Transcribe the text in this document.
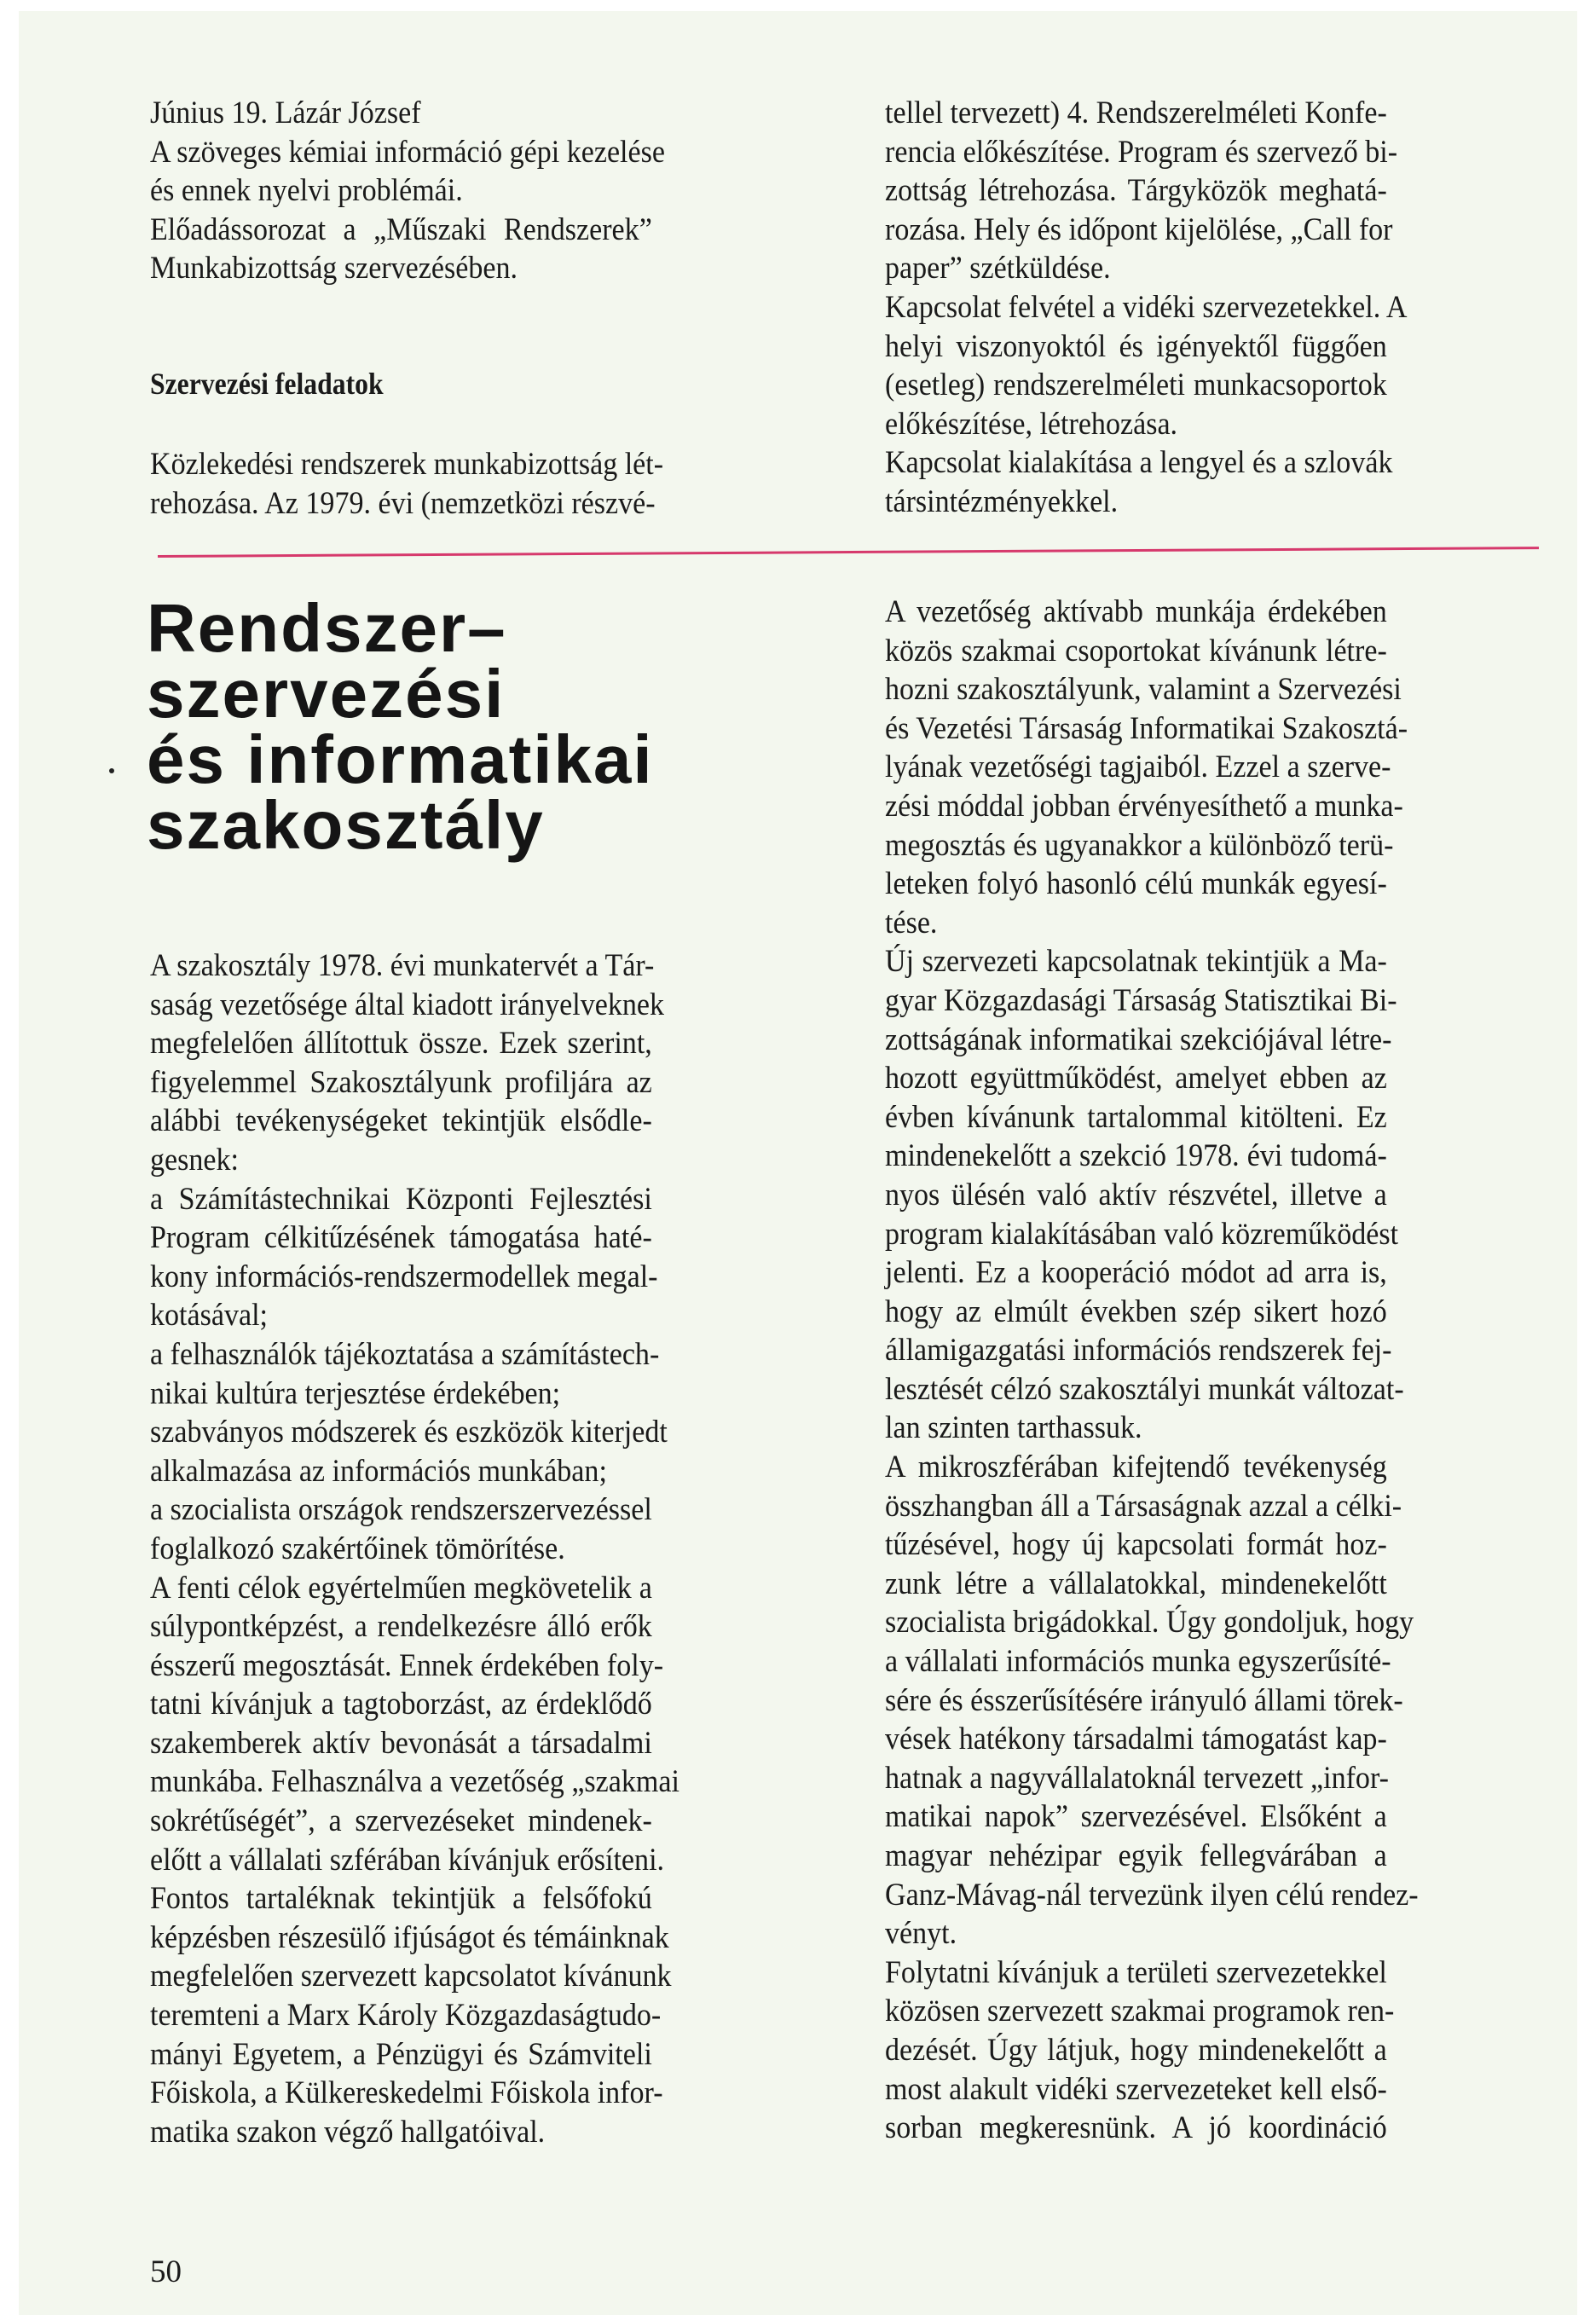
Június 19. Lázár József
A szöveges kémiai információ gépi kezelése
és ennek nyelvi problémái.
Előadássorozat a „Műszaki Rendszerek”
Munkabizottság szervezésében.
Szervezési feladatok
Közlekedési rendszerek munkabizottság lét-
rehozása. Az 1979. évi (nemzetközi részvé-
tellel tervezett) 4. Rendszerelméleti Konfe-
rencia előkészítése. Program és szervező bi-
zottság létrehozása. Tárgyközök meghatá-
rozása. Hely és időpont kijelölése, „Call for
paper” szétküldése.
Kapcsolat felvétel a vidéki szervezetekkel. A
helyi viszonyoktól és igényektől függően
(esetleg) rendszerelméleti munkacsoportok
előkészítése, létrehozása.
Kapcsolat kialakítása a lengyel és a szlovák
társintézményekkel.
Rendszer–
szervezési
és informatikai
szakosztály
A szakosztály 1978. évi munkatervét a Tár-
saság vezetősége által kiadott irányelveknek
megfelelően állítottuk össze. Ezek szerint,
figyelemmel Szakosztályunk profiljára az
alábbi tevékenységeket tekintjük elsődle-
gesnek:
a Számítástechnikai Központi Fejlesztési
Program célkitűzésének támogatása haté-
kony információs-rendszermodellek megal-
kotásával;
a felhasználók tájékoztatása a számítástech-
nikai kultúra terjesztése érdekében;
szabványos módszerek és eszközök kiterjedt
alkalmazása az információs munkában;
a szocialista országok rendszerszervezéssel
foglalkozó szakértőinek tömörítése.
A fenti célok egyértelműen megkövetelik a
súlypontképzést, a rendelkezésre álló erők
ésszerű megosztását. Ennek érdekében foly-
tatni kívánjuk a tagtoborzást, az érdeklődő
szakemberek aktív bevonását a társadalmi
munkába. Felhasználva a vezetőség „szakmai
sokrétűségét”, a szervezéseket mindenek-
előtt a vállalati szférában kívánjuk erősíteni.
Fontos tartaléknak tekintjük a felsőfokú
képzésben részesülő ifjúságot és témáinknak
megfelelően szervezett kapcsolatot kívánunk
teremteni a Marx Károly Közgazdaságtudo-
mányi Egyetem, a Pénzügyi és Számviteli
Főiskola, a Külkereskedelmi Főiskola infor-
matika szakon végző hallgatóival.
A vezetőség aktívabb munkája érdekében
közös szakmai csoportokat kívánunk létre-
hozni szakosztályunk, valamint a Szervezési
és Vezetési Társaság Informatikai Szakosztá-
lyának vezetőségi tagjaiból. Ezzel a szerve-
zési móddal jobban érvényesíthető a munka-
megosztás és ugyanakkor a különböző terü-
leteken folyó hasonló célú munkák egyesí-
tése.
Új szervezeti kapcsolatnak tekintjük a Ma-
gyar Közgazdasági Társaság Statisztikai Bi-
zottságának informatikai szekciójával létre-
hozott együttműködést, amelyet ebben az
évben kívánunk tartalommal kitölteni. Ez
mindenekelőtt a szekció 1978. évi tudomá-
nyos ülésén való aktív részvétel, illetve a
program kialakításában való közreműködést
jelenti. Ez a kooperáció módot ad arra is,
hogy az elmúlt években szép sikert hozó
államigazgatási információs rendszerek fej-
lesztését célzó szakosztályi munkát változat-
lan szinten tarthassuk.
A mikroszférában kifejtendő tevékenység
összhangban áll a Társaságnak azzal a célki-
tűzésével, hogy új kapcsolati formát hoz-
zunk létre a vállalatokkal, mindenekelőtt
szocialista brigádokkal. Úgy gondoljuk, hogy
a vállalati információs munka egyszerűsíté-
sére és ésszerűsítésére irányuló állami törek-
vések hatékony társadalmi támogatást kap-
hatnak a nagyvállalatoknál tervezett „infor-
matikai napok” szervezésével. Elsőként a
magyar nehézipar egyik fellegvárában a
Ganz-Mávag-nál tervezünk ilyen célú rendez-
vényt.
Folytatni kívánjuk a területi szervezetekkel
közösen szervezett szakmai programok ren-
dezését. Úgy látjuk, hogy mindenekelőtt a
most alakult vidéki szervezeteket kell első-
sorban megkeresnünk. A jó koordináció
50
